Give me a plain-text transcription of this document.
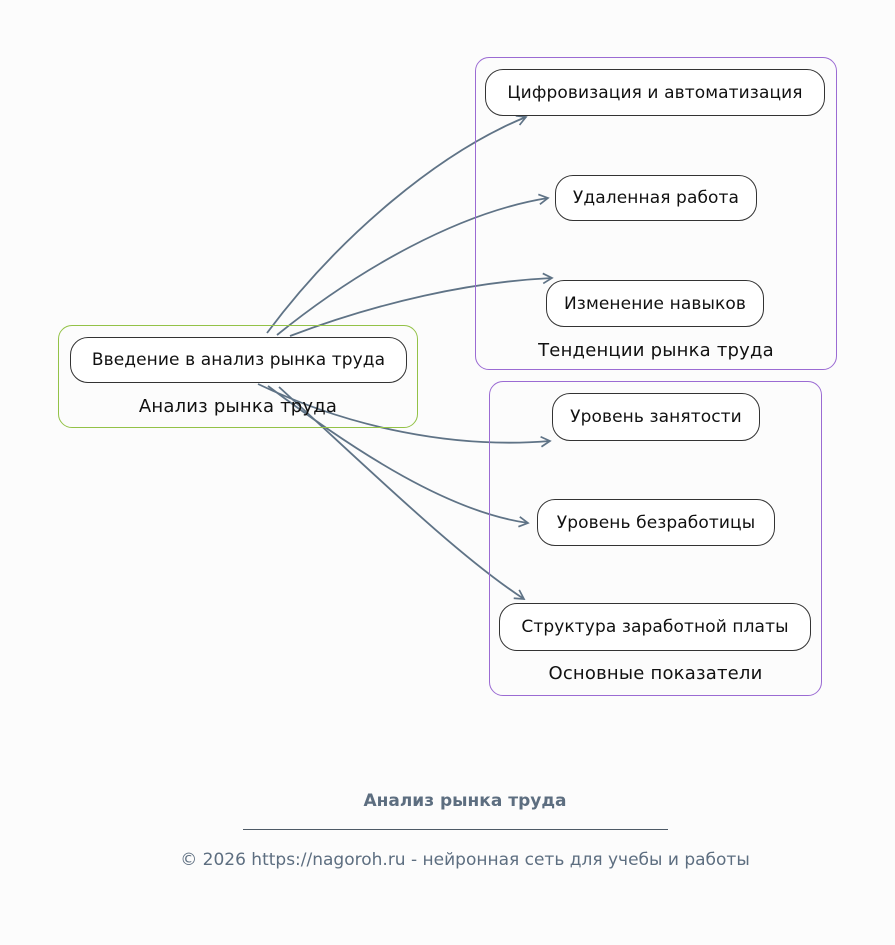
Анализ рынка труда
Введение в анализ рынка труда	Тенденции рынка труда
Цифровизация и автоматизация
Удаленная работа
Изменение навыков
Основные показатели
Уровень занятости
Уровень безработицы
Структура заработной платы
Анализ рынка труда
© 2026 https://nagoroh.ru - нейронная сеть для учебы и работы
